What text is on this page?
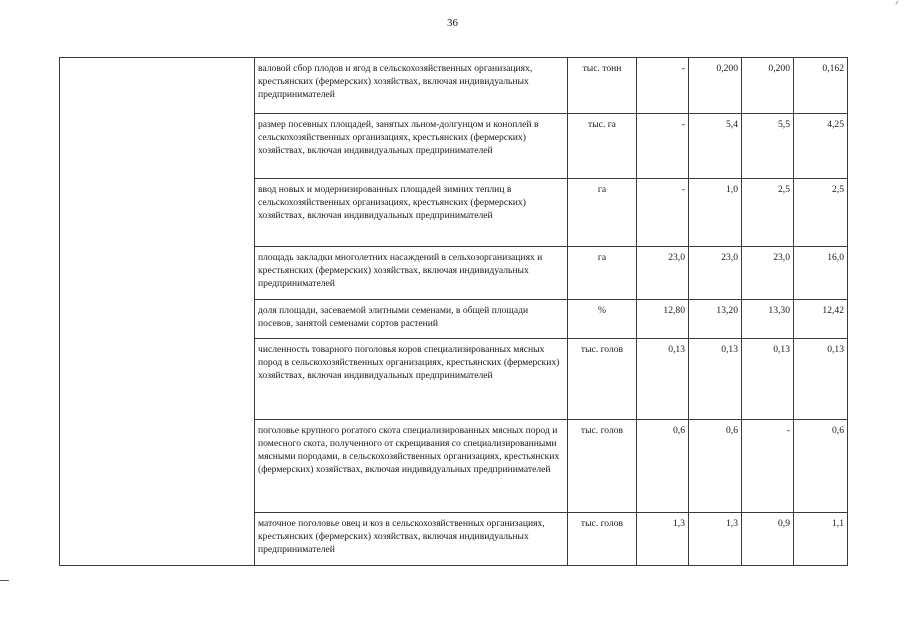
36
	валовой сбор плодов и ягод в сельскохозяйственных организациях, крестьянских (фермерских) хозяйствах, включая индивидуальных предпринимателей	тыс. тонн	-	0,200	0,200	0,162
	размер посевных площадей, занятых льном-долгунцом и коноплей в сельскохозяйственных организациях, крестьянских (фермерских) хозяйствах, включая индивидуальных предпринимателей	тыс. га	-	5,4	5,5	4,25
	ввод новых и модернизированных площадей зимних теплиц в сельскохозяйственных организациях, крестьянских (фермерских) хозяйствах, включая индивидуальных предпринимателей	га	-	1,0	2,5	2,5
	площадь закладки многолетних насаждений в сельхозорганизациях и крестьянских (фермерских) хозяйствах, включая индивидуальных предпринимателей	га	23,0	23,0	23,0	16,0
	доля площади, засеваемой элитными семенами, в общей площади посевов, занятой семенами сортов растений	%	12,80	13,20	13,30	12,42
	численность товарного поголовья коров специализированных мясных пород в сельскохозяйственных организациях, крестьянских (фермерских) хозяйствах, включая индивидуальных предпринимателей	тыс. голов	0,13	0,13	0,13	0,13
	поголовье крупного рогатого скота специализированных мясных пород и помесного скота, полученного от скрещивания со специализированными мясными породами, в сельскохозяйственных организациях, крестьянских (фермерских) хозяйствах, включая индивидуальных предпринимателей	тыс. голов	0,6	0,6	-	0,6
	маточное поголовье овец и коз в сельскохозяйственных организациях, крестьянских (фермерских) хозяйствах, включая индивидуальных предпринимателей	тыс. голов	1,3	1,3	0,9	1,1
